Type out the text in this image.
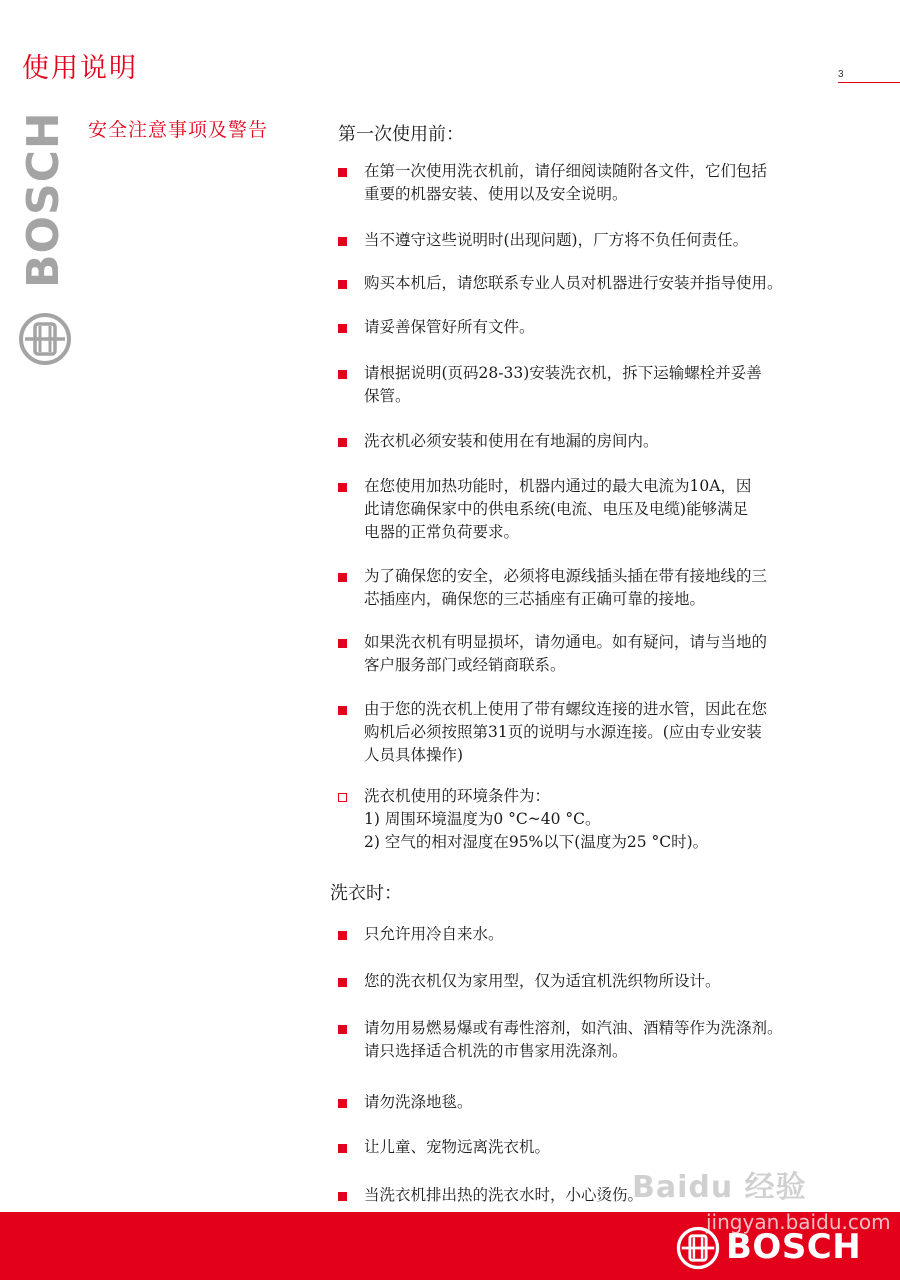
使用说明	3
BOSCH 安全注意事项及警告	第一次使用前：
在第一次使用洗衣机前，请仔细阅读随附各文件，它们包括
重要的机器安装、使用以及安全说明。
当不遵守这些说明时(出现问题)，厂方将不负任何责任。
购买本机后，请您联系专业人员对机器进行安装并指导使用。
请妥善保管好所有文件。
请根据说明(页码28-33)安装洗衣机，拆下运输螺栓并妥善
保管。
洗衣机必须安装和使用在有地漏的房间内。
在您使用加热功能时，机器内通过的最大电流为10A，因
此请您确保家中的供电系统(电流、电压及电缆)能够满足
电器的正常负荷要求。
为了确保您的安全，必须将电源线插头插在带有接地线的三
芯插座内，确保您的三芯插座有正确可靠的接地。
如果洗衣机有明显损坏，请勿通电。如有疑问，请与当地的
客户服务部门或经销商联系。
由于您的洗衣机上使用了带有螺纹连接的进水管，因此在您
购机后必须按照第31页的说明与水源连接。(应由专业安装
人员具体操作)
洗衣机使用的环境条件为：
1) 周围环境温度为0 °C~40 °C。
2) 空气的相对湿度在95%以下(温度为25 °C时)。
洗衣时：
只允许用冷自来水。
您的洗衣机仅为家用型，仅为适宜机洗织物所设计。
请勿用易燃易爆或有毒性溶剂，如汽油、酒精等作为洗涤剂。
请只选择适合机洗的市售家用洗涤剂。
请勿洗涤地毯。
让儿童、宠物远离洗衣机。
当洗衣机排出热的洗衣水时，小心烫伤。
BOSCH
Baidu 经验
jingyan.baidu.com
